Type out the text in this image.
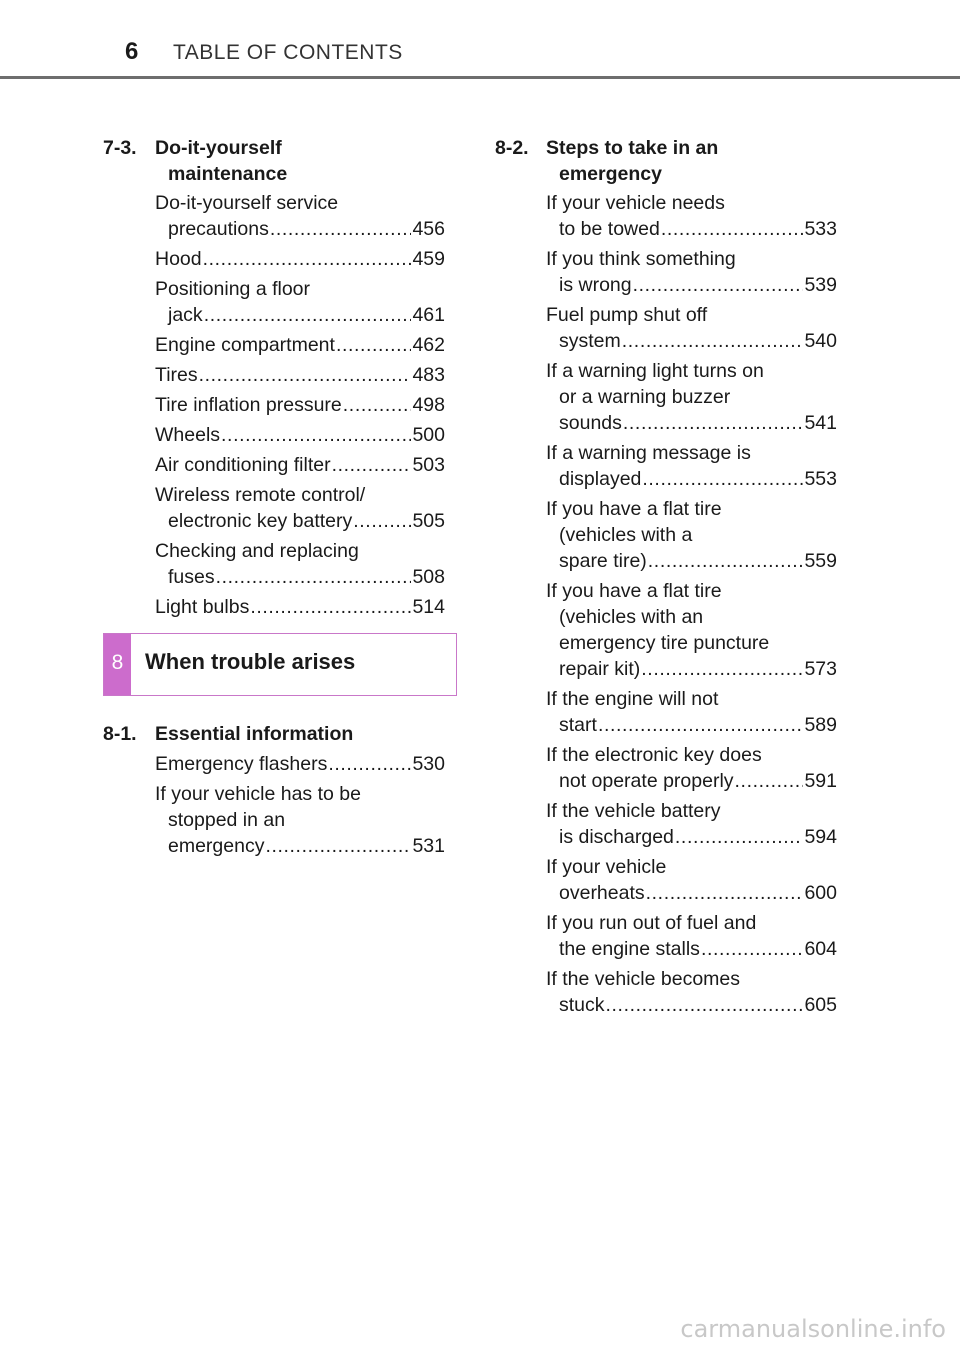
6 TABLE OF CONTENTS
7-3. Do-it-yourself
maintenance
Do-it-yourself service
precautions .....	456
Hood .....	459
Positioning a floor
jack .....	461
Engine compartment .....	462
Tires .....	483
Tire inflation pressure .....	498
Wheels .....	500
Air conditioning filter .....	503
Wireless remote control/
electronic key battery .....	505
Checking and replacing
fuses .....	508
Light bulbs .....	514
8 When trouble arises
8-1. Essential information
Emergency flashers .....	530
If your vehicle has to be
stopped in an
emergency .....	531
8-2. Steps to take in an
emergency
If your vehicle needs
to be towed .....	533
If you think something
is wrong .....	539
Fuel pump shut off
system .....	540
If a warning light turns on
or a warning buzzer
sounds .....	541
If a warning message is
displayed .....	553
If you have a flat tire
(vehicles with a
spare tire) .....	559
If you have a flat tire
(vehicles with an
emergency tire puncture
repair kit) .....	573
If the engine will not
start .....	589
If the electronic key does
not operate properly .....	591
If the vehicle battery
is discharged .....	594
If your vehicle
overheats .....	600
If you run out of fuel and
the engine stalls .....	604
If the vehicle becomes
stuck .....	605
carmanualsonline.info
